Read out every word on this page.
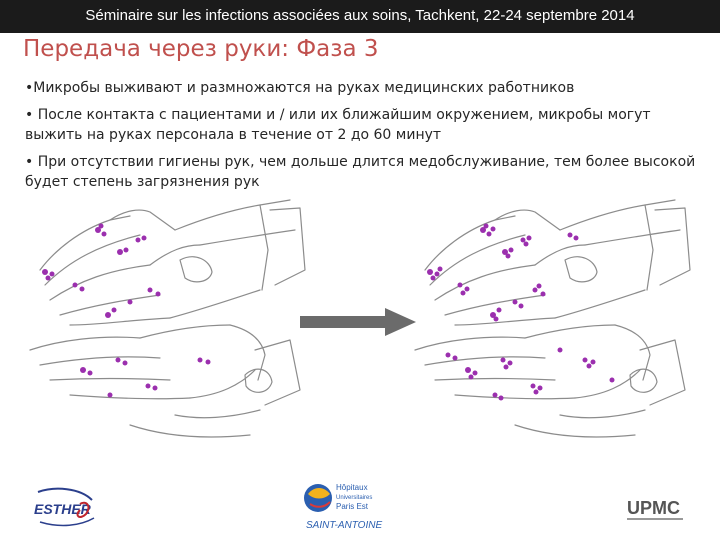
Séminaire sur les infections associées aux soins, Tachkent, 22-24 septembre 2014
Передача через руки: Фаза 3
•Микробы выживают и размножаются на руках медицинских работников
• После контакта с пациентами и / или их ближайшим окружением, микробы могут выжить на руках персонала в течение от 2 до 60 минут
• При отсутствии гигиены рук, чем дольше длится медобслуживание, тем более высокой будет степень загрязнения рук
ESTHER
Hôpitaux
Universitaires
Paris Est
SAINT-ANTOINE
UPMC
